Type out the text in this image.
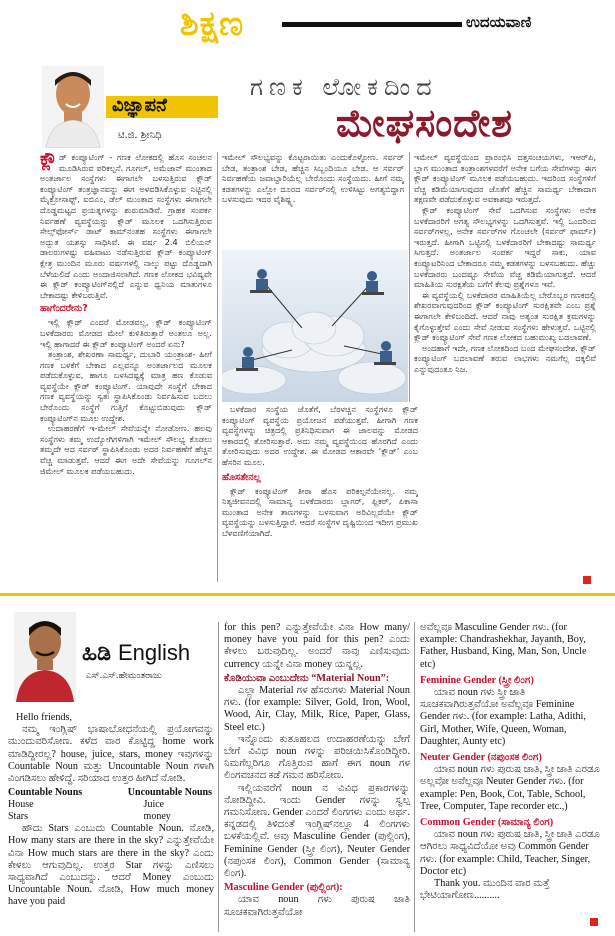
ಶಿಕ್ಷಣ	ಉದಯವಾಣಿ
ವಿಜ್ಞಾಪನೆ
ಟಿ.ಜಿ. ಶ್ರೀನಿಧಿ
ಗಣಕ ಲೋಕದಿಂದ
ಮೇಘಸಂದೇಶ
ಕ್ಲೌ ಡ್ ಕಂಪ್ಯೂಟಿಂಗ್ - ಗಣಕ ಲೋಕದಲ್ಲಿ ಹೊಸ ಸಂಚಲನ ಮೂಡಿಸಿರುವ ಪರಿಕಲ್ಪನೆ. ಗೂಗಲ್, ಅಮೆಜಾನ್ ಮುಂತಾದ ಅಂತರ್ಜಾಲ ಸಂಸ್ಥೆಗಳು ಈಗಾಗಲೇ ಬಳಸುತ್ತಿರುವ ಕ್ಲೌಡ್ ಕಂಪ್ಯೂಟಿಂಗ್ ತಂತ್ರಜ್ಞಾನವನ್ನು ಈಗ ಅಳವಡಿಸಿಕೊಳ್ಳುವ ನಿಟ್ಟಿನಲ್ಲಿ ಮೈಕ್ರೋಸಾಫ್ಟ್, ಐಬಿಎಂ, ಡೆಲ್ ಮುಂತಾದ ಸಂಸ್ಥೆಗಳು ಈಗಾಗಲೇ ದೊಡ್ಡಮಟ್ಟದ ಪ್ರಯತ್ನಗಳನ್ನು ಶುರುಮಾಡಿವೆ. ಗ್ರಾಹಕ ಸಂಪರ್ಕ ನಿರ್ವಹಣೆ ವ್ಯವಸ್ಥೆಯನ್ನು ಕ್ಲೌಡ್ ಮೂಲಕ ಒದಗಿಸುತ್ತಿರುವ ಸೇಲ್ಸ್‌ಫೋರ್ಸ್ ಡಾಟ್ ಕಾಮ್‌ನಂತಹ ಸಂಸ್ಥೆಗಳು ಈಗಾಗಲೇ ಅದ್ಭುತ ಯಶಸ್ಸು ಸಾಧಿಸಿವೆ. ಈ ವರ್ಷ 2.4 ಬಿಲಿಯನ್ ಡಾಲರುಗಳಷ್ಟು ವಹಿವಾಟು ನಡೆಸುತ್ತಿರುವ ಕ್ಲೌಡ್ ಕಂಪ್ಯೂಟಿಂಗ್ ಕ್ಷೇತ್ರ ಮುಂದಿನ ಮೂರು ವರ್ಷಗಳಲ್ಲಿ ನಾಲ್ಕು ಪಟ್ಟು ದೊಡ್ಡದಾಗಿ ಬೆಳೆಯಲಿದೆ ಎಂದು ಅಂದಾಜಿಸಲಾಗಿದೆ. ಗಣಕ ಲೋಕದ ಭವಿಷ್ಯವೇ ಈ ಕ್ಲೌಡ್ ಕಂಪ್ಯೂಟಿಂಗ್‌ನಲ್ಲಿದೆ ಎನ್ನುವ ಧ್ವನಿಯ ಮಾತುಗಳೂ ಬೇಕಾದಷ್ಟು ಕೇಳಿಬರುತ್ತಿವೆ.
ಹಾಗೆಂದರೇನು?
ಇಲ್ಲಿ ಕ್ಲೌಡ್ ಎಂದರೆ ಮೋಡವಲ್ಲ, ಕ್ಲೌಡ್ ಕಂಪ್ಯೂಟಿಂಗ್ ಬಳಕೆದಾರರು ಮೋಡದ ಮೇಲೆ ಕುಳಿತಿರುತ್ತಾರೆ ಅಂತಲೂ ಅಲ್ಲ. ಇಲ್ಲಿ ಹಾಗಾದರೆ ಈ ಕ್ಲೌಡ್ ಕಂಪ್ಯೂಟಿಂಗ್ ಅಂದರೆ ಏನು?
ತಂತ್ರಾಂಶ, ಶೇಖರಣಾ ಸಾಮರ್ಥ್ಯ, ದುಬಾರಿ ಯಂತ್ರಾಂಶ- ಹೀಗೆ ಗಣಕ ಬಳಕೆಗೆ ಬೇಕಾದ ಎಲ್ಲವನ್ನೂ ಅಂತರ್ಜಾಲದ ಮೂಲಕ ಪಡೆದುಕೊಳ್ಳುವ, ಹಾಗೂ ಬಳಸಿದಷ್ಟಕ್ಕೆ ಮಾತ್ರ ಹಣ ಕೊಡುವ ವ್ಯವಸ್ಥೆಯೇ ಕ್ಲೌಡ್ ಕಂಪ್ಯೂಟಿಂಗ್. ಯಾವುದೇ ಸಂಸ್ಥೆಗೆ ಬೇಕಾದ ಗಣಕ ವ್ಯವಸ್ಥೆಯನ್ನು ಸ್ವತಃ ಸ್ಥಾಪಿಸಿಕೊಂಡು ನಿರ್ವಹಿಸುವ ಬದಲು ಬೇರೊಂದು ಸಂಸ್ಥೆಗೆ ಗುತ್ತಿಗೆ ಕೊಟ್ಟುಬಿಡುವುದು ಕ್ಲೌಡ್ ಕಂಪ್ಯೂಟಿಂಗ್‌ನ ಮೂಲ ಉದ್ದೇಶ.
ಉದಾಹರಣೆಗೆ ಇ-ಮೇಲ್ ಸೇವೆಯನ್ನೇ ನೋಡೋಣ. ಹಲವು ಸಂಸ್ಥೆಗಳು ತಮ್ಮ ಉದ್ಯೋಗಿಗಳಿಗಾಗಿ ಇಮೇಲ್ ಸೌಲಭ್ಯ ಕೊಡಲು ತಮ್ಮದೇ ಆದ ಸರ್ವರ್ ಸ್ಥಾಪಿಸಿಕೊಂಡು ಅದರ ನಿರ್ವಹಣೆಗೆ ಹೆಚ್ಚಿನ ವೆಚ್ಚ ಮಾಡುತ್ತವೆ. ಆದರೆ ಈಗ ಅದೇ ಸೇವೆಯನ್ನು ಗೂಗಲ್‌ನ ಜಿಮೇಲ್ ಮೂಲಕ ಪಡೆಯಬಹುದು.
ಇಮೇಲ್ ಸೌಲಭ್ಯವನ್ನು ಕೊಟ್ಟರಾಯಿತು ಎಂದುಕೊಳ್ಳೋಣ. ಸರ್ವರ್ ಬೇಡ, ತಂತ್ರಾಂಶ ಬೇಡ, ಹೆಚ್ಚಿನ ಸಿಬ್ಬಂದಿಯೂ ಬೇಡ. ಆ ಸರ್ವರ್ ನಿರ್ವಹಣೆಯ ಜವಾಬ್ದಾರಿಯೆಲ್ಲ ಬೇರೊಂದು ಸಂಸ್ಥೆಯದು. ಹೀಗೆ ನಮ್ಮ ಕಡತಗಳನ್ನು ಎಲ್ಲೋ ದೂರದ ಸರ್ವರ್‌ನಲ್ಲಿ ಉಳಿಸಿಟ್ಟು ಅಗತ್ಯಬಿದ್ದಾಗ ಬಳಸುವುದು ಇದರ ವೈಶಿಷ್ಟ್ಯ.
ಬಳಕೆದಾರ ಸಂಸ್ಥೆಯ ಜೊತೆಗೆ, ಬೆರಳಚ್ಚಿನ ಸಂಸ್ಥೆಗಳೂ ಕ್ಲೌಡ್ ಕಂಪ್ಯೂಟಿಂಗ್ ವ್ಯವಸ್ಥೆಯ ಪ್ರಯೋಜನ ಪಡೆಯುತ್ತವೆ. ಹೀಗಾಗಿ ಗಣಕ ವ್ಯವಸ್ಥೆಗಳನ್ನು ಚಿತ್ರದಲ್ಲಿ ಪ್ರತಿನಿಧಿಸುವಾಗ ಈ ಜಾಲವನ್ನು ಮೋಡದ ಆಕಾರದಲ್ಲಿ ತೋರಿಸುತ್ತಾರೆ. ಅದು ನಮ್ಮ ವ್ಯವಸ್ಥೆಯಿಂದ ಹೊರಗಿದೆ ಎಂದು ತೋರಿಸುವುದು ಅದರ ಉದ್ದೇಶ. ಈ ಮೋಡದ ಆಕಾರವೇ ‘ಕ್ಲೌಡ್’ ಎಂಬ ಹೆಸರಿನ ಮೂಲ.
ಹೊಸತೇನಲ್ಲ
ಕ್ಲೌಡ್ ಕಂಪ್ಯೂಟಿಂಗ್ ತೀರಾ ಹೊಸ ಪರಿಕಲ್ಪನೆಯೇನಲ್ಲ. ನಮ್ಮ ನಿತ್ಯಜೀವನದಲ್ಲಿ ಸಾಮಾನ್ಯ ಬಳಕೆದಾರರು ಬ್ಲಾಗರ್, ಫ್ಲಿಕರ್, ಪಿಕಾಸಾ ಮುಂತಾದ ಅನೇಕ ತಾಣಗಳನ್ನು ಬಳಸುವಾಗ ಅರಿವಿಲ್ಲದೆಯೇ ಕ್ಲೌಡ್ ವ್ಯವಸ್ಥೆಯನ್ನು ಬಳಸುತ್ತಿದ್ದಾರೆ. ಆದರೆ ಸಂಸ್ಥೆಗಳ ದೃಷ್ಟಿಯಿಂದ ಇದೀಗ ಪ್ರಮುಖ ಬೆಳವಣಿಗೆಯಾಗಿದೆ.
ಇಮೇಲ್ ವ್ಯವಸ್ಥೆಯಿಂದ ಪ್ರಾರಂಭಿಸಿ ದತ್ತಸಂಚಯಗಳು, ಇಆರ್‌ಪಿ, ಬ್ಲಾಗ ಮುಂತಾದ ತಂತ್ರಾಂಶಗಳವರೆಗೆ ಅನೇಕ ಬಗೆಯ ಸೇವೆಗಳನ್ನು ಈಗ ಕ್ಲೌಡ್ ಕಂಪ್ಯೂಟಿಂಗ್ ಮೂಲಕ ಪಡೆಯಬಹುದು. ಇದರಿಂದ ಸಂಸ್ಥೆಗಳಿಗೆ ವೆಚ್ಚ ಕಡಿಮೆಯಾಗುವುದರ ಜೊತೆಗೆ ಹೆಚ್ಚಿನ ಸಾಮರ್ಥ್ಯ ಬೇಕಾದಾಗ ತಕ್ಷಣವೇ ಪಡೆದುಕೊಳ್ಳುವ ಅವಕಾಶವೂ ಇರುತ್ತದೆ.
ಕ್ಲೌಡ್ ಕಂಪ್ಯೂಟಿಂಗ್ ಸೇವೆ ಒದಗಿಸುವ ಸಂಸ್ಥೆಗಳು ಅನೇಕ ಬಳಕೆದಾರರಿಗೆ ಅಗತ್ಯ ಸೌಲಭ್ಯಗಳನ್ನು ಒದಗಿಸುತ್ತವೆ. ಇಲ್ಲಿ ಒಂದರಿಂದ ಸರ್ವರ್‌ಗಳಲ್ಲ, ಅನೇಕ ಸರ್ವರ್‌ಗಳ ಗೊಂಚಲೇ (ಸರ್ವರ್ ಫಾರ್ಮ್) ಇರುತ್ತದೆ. ಹೀಗಾಗಿ ಒಟ್ಟಿನಲ್ಲಿ ಬಳಕೆದಾರರಿಗೆ ಬೇಕಾದಷ್ಟು ಸಾಮರ್ಥ್ಯ ಸಿಗುತ್ತದೆ. ಅಂತರ್ಜಾಲ ಸಂಪರ್ಕ ಇದ್ದರೆ ಸಾಕು, ಯಾವ ಕಂಪ್ಯೂಟರಿನಿಂದ ಬೇಕಾದರೂ ನಮ್ಮ ಕಡತಗಳನ್ನು ಬಳಸಬಹುದು. ಹೆಚ್ಚು ಬಳಕೆದಾರರು ಬಂದಷ್ಟೂ ಸೇವೆಯ ವೆಚ್ಚ ಕಡಿಮೆಯಾಗುತ್ತದೆ. ಆದರೆ ಮಾಹಿತಿಯ ಸುರಕ್ಷತೆಯ ಬಗೆಗೆ ಕೆಲವು ಪ್ರಶ್ನೆಗಳೂ ಇವೆ.
ಈ ವ್ಯವಸ್ಥೆಯಲ್ಲಿ ಬಳಕೆದಾರರ ಮಾಹಿತಿಯೆಲ್ಲ ಬೇರೊಬ್ಬರ ಗಣಕದಲ್ಲಿ ಶೇಖರವಾಗುವುದರಿಂದ ಕ್ಲೌಡ್ ಕಂಪ್ಯೂಟಿಂಗ್ ಸುರಕ್ಷಿತವೇ ಎಂಬ ಪ್ರಶ್ನೆ ಈಗಾಗಲೇ ಕೇಳಿಬಂದಿದೆ. ಆದರೆ ನಾವು ಅತ್ಯಂತ ಸುರಕ್ಷಿತ ಕ್ರಮಗಳನ್ನು ಕೈಗೊಳ್ಳುತ್ತೇವೆ ಎಂದು ಸೇವೆ ನೀಡುವ ಸಂಸ್ಥೆಗಳು ಹೇಳುತ್ತವೆ. ಒಟ್ಟಿನಲ್ಲಿ ಕ್ಲೌಡ್ ಕಂಪ್ಯೂಟಿಂಗ್ ಸೇವೆ ಗಣಕ ಲೋಕದ ಬಹುಮುಖ್ಯ ಬದಲಾವಣೆ.
ಅಂದಹಾಗೆ ಇದೇ, ಗಣಕ ಲೋಕದಿಂದ ಬಂದ ಮೇಘಸಂದೇಶ. ಕ್ಲೌಡ್ ಕಂಪ್ಯೂಟಿಂಗ್ ಬದಲಾವಣೆ ತರುವ ಲಾಭಗಳು ನಮಗೆಲ್ಲ ದಕ್ಕಲಿವೆ ಎನ್ನುವುದಂತೂ ನಿಜ.
ಹಿಡಿ English
ಎಸ್.ಎಸ್.ಹೇಮಂತರಾಜು
Hello friends,
ನಮ್ಮ ಇಂಗ್ಲಿಷ್ ಭಾಷಾಬೋಧನೆಯಲ್ಲಿ ಪ್ರಯೋಗವನ್ನು ಮುಂದುವರಿಸೋಣ. ಕಳೆದ ವಾರ ಕೊಟ್ಟಿದ್ದ home work ಮಾಡಿದ್ದೀರಲ್ಲ? house, juice, stars, money ಇವುಗಳನ್ನು Countable Noun ಮತ್ತು Uncountable Noun ಗಳಾಗಿ ವಿಂಗಡಿಸಲು ಹೇಳಿದ್ದೆ. ಸರಿಯಾದ ಉತ್ತರ ಹೀಗಿದೆ ನೋಡಿ.
Countable Nouns	Uncountable Nouns
House	Juice
Stars	money
ಹೌದು Stars ಎಂಬುದು Countable Noun. ನೋಡಿ, How many stars are there in the sky? ಎನ್ನುತ್ತೇವೆಯೇ ವಿನಾ How much stars are there in the sky? ಎಂದು ಕೇಳಲು ಆಗುವುದಿಲ್ಲ. ಉತ್ತರ Star ಗಳನ್ನು ಎಣಿಸಲು ಸಾಧ್ಯವಾಗಿದೆ ಎಂಬುದನ್ನು. ಆದರೆ Money ಎಂಬುದು Uncountable Noun. ನೋಡಿ, How much money have you paid
for this pen? ಎನ್ನುತ್ತೇವೆಯೇ ವಿನಾ How many/ money have you paid for this pen? ಎಂದು ಕೇಳಲು ಬರುವುದಿಲ್ಲ. ಅಂದರೆ ನಾವು ಎಣಿಸುವುದು currency ಯನ್ನೇ ವಿನಾ money ಯನ್ನಲ್ಲ.
ಕೊಡಿಯುವಾ ಎಂಬುದೇನು “Material Noun”:
ಎಲ್ಲಾ Material ಗಳ ಹೆಸರುಗಳು Material Noun ಗಳು. (for example: Silver, Gold, Iron, Wool, Wood, Air, Clay, Milk, Rice, Paper, Glass, Steel etc.)
ಇನ್ನೊಂದು ಕುತೂಹಲದ ಉದಾಹರಣೆಯನ್ನು ಬೇಗೆ ಬೇಗೆ ವಿವಿಧ noun ಗಳನ್ನು ಪರಿಚಯಿಸಿಕೊಂಡಿದ್ದೀರಿ. ನಿಮಗೆಲ್ಲರಿಗೂ ಗೊತ್ತಿರುವ ಹಾಗೆ ಈಗ noun ಗಳ ಲಿಂಗವಚನದ ಕಡೆ ಗಮನ ಹರಿಸೋಣ.
ಇಲ್ಲಿಯವರೆಗೆ noun ನ ವಿವಿಧ ಪ್ರಕಾರಗಳನ್ನು ನೋಡಿದ್ದೀವಿ. ಇಂದು Gender ಗಳನ್ನು ಸ್ವಲ್ಪ ಗಮನಿಸೋಣ. Gender ಎಂದರೆ ಲಿಂಗಗಳು ಎಂದು ಅರ್ಥ. ಕನ್ನಡದಲ್ಲಿ ತಿಳಿದಂತೆ ಇಂಗ್ಲಿಷ್‌ನಲ್ಲೂ 4 ಲಿಂಗಗಳು ಬಳಕೆಯಲ್ಲಿವೆ. ಅವು Masculine Gender (ಪುಲ್ಲಿಂಗ), Feminine Gender (ಸ್ತ್ರೀ ಲಿಂಗ), Neuter Gender (ನಪುಂಸಕ ಲಿಂಗ), Common Gender (ಸಾಮಾನ್ಯ ಲಿಂಗ).
Masculine Gender (ಪುಲ್ಲಿಂಗ):
ಯಾವ noun ಗಳು ಪುರುಷ ಜಾತಿ ಸೂಚಕವಾಗಿರುತ್ತವೆಯೋ
ಅವೆಲ್ಲವೂ Masculine Gender ಗಳು. (for example: Chandrashekhar, Jayanth, Boy, Father, Husband, King, Man, Son, Uncle etc)
Feminine Gender (ಸ್ತ್ರೀ ಲಿಂಗ)
ಯಾವ noun ಗಳು ಸ್ತ್ರೀ ಜಾತಿ ಸೂಚಕವಾಗಿರುತ್ತವೆಯೋ ಅವೆಲ್ಲವೂ Feminine Gender ಗಳು. (for example: Latha, Adithi, Girl, Mother, Wife, Queen, Woman, Daughter, Aunty etc)
Neuter Gender (ನಪುಂಸಕ ಲಿಂಗ)
ಯಾವ noun ಗಳು ಪುರುಷ ಜಾತಿ, ಸ್ತ್ರೀ ಜಾತಿ ಎರಡೂ ಅಲ್ಲವೋ ಅವೆಲ್ಲವೂ Neuter Gender ಗಳು. (for example: Pen, Book, Cot, Table, School, Tree, Computer, Tape recorder etc.,)
Common Gender (ಸಾಮಾನ್ಯ ಲಿಂಗ)
ಯಾವ noun ಗಳು ಪುರುಷ ಜಾತಿ, ಸ್ತ್ರೀ ಜಾತಿ ಎರಡೂ ಆಗಿರಲು ಸಾಧ್ಯವಿದೆಯೋ ಅವು Common Gender ಗಳು. (for example: Child, Teacher, Singer, Doctor etc)
Thank you. ಮುಂದಿನ ವಾರ ಮತ್ತೆ ಭೇಟಿಯಾಗೋಣ..........
